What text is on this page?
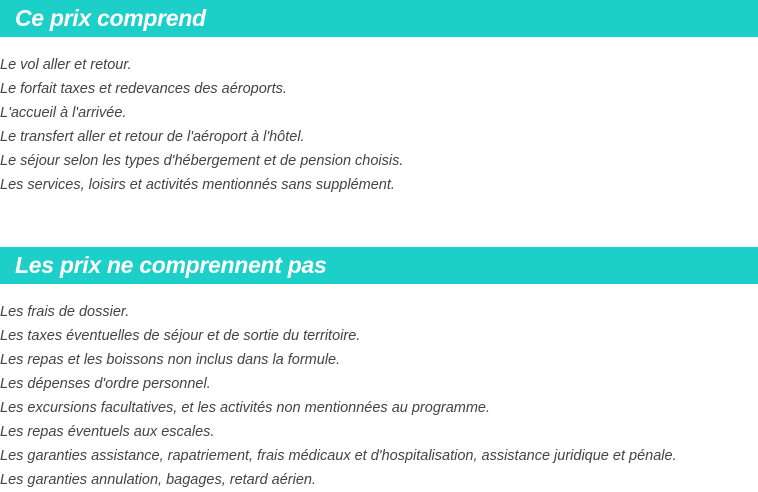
Ce prix comprend
Le vol aller et retour.
Le forfait taxes et redevances des aéroports.
L'accueil à l'arrivée.
Le transfert aller et retour de l'aéroport à l'hôtel.
Le séjour selon les types d'hébergement et de pension choisis.
Les services, loisirs et activités mentionnés sans supplément.
Les prix ne comprennent pas
Les frais de dossier.
Les taxes éventuelles de séjour et de sortie du territoire.
Les repas et les boissons non inclus dans la formule.
Les dépenses d'ordre personnel.
Les excursions facultatives, et les activités non mentionnées au programme.
Les repas éventuels aux escales.
Les garanties assistance, rapatriement, frais médicaux et d'hospitalisation, assistance juridique et pénale.
Les garanties annulation, bagages, retard aérien.
